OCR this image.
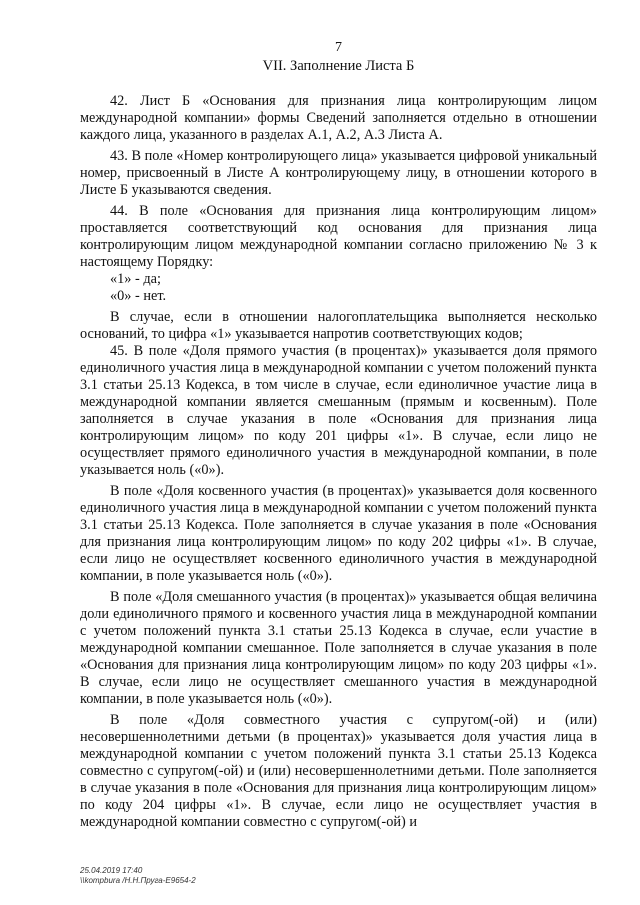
7

VII. Заполнение Листа Б

42. Лист Б «Основания для признания лица контролирующим лицом международной компании» формы Сведений заполняется отдельно в отношении каждого лица, указанного в разделах А.1, А.2, А.3 Листа А.

43. В поле «Номер контролирующего лица» указывается цифровой уникальный номер, присвоенный в Листе А контролирующему лицу, в отношении которого в Листе Б указываются сведения.

44. В поле «Основания для признания лица контролирующим лицом» проставляется соответствующий код основания для признания лица контролирующим лицом международной компании согласно приложению № 3 к настоящему Порядку:

«1» - да;

«0» - нет.

В случае, если в отношении налогоплательщика выполняется несколько оснований, то цифра «1» указывается напротив соответствующих кодов;

45. В поле «Доля прямого участия (в процентах)» указывается доля прямого единоличного участия лица в международной компании с учетом положений пункта 3.1 статьи 25.13 Кодекса, в том числе в случае, если единоличное участие лица в международной компании является смешанным (прямым и косвенным). Поле заполняется в случае указания в поле «Основания для признания лица контролирующим лицом» по коду 201 цифры «1». В случае, если лицо не осуществляет прямого единоличного участия в международной компании, в поле указывается ноль («0»).

В поле «Доля косвенного участия (в процентах)» указывается доля косвенного единоличного участия лица в международной компании с учетом положений пункта 3.1 статьи 25.13 Кодекса. Поле заполняется в случае указания в поле «Основания для признания лица контролирующим лицом» по коду 202 цифры «1». В случае, если лицо не осуществляет косвенного единоличного участия в международной компании, в поле указывается ноль («0»).

В поле «Доля смешанного участия (в процентах)» указывается общая величина доли единоличного прямого и косвенного участия лица в международной компании с учетом положений пункта 3.1 статьи 25.13 Кодекса в случае, если участие в международной компании смешанное. Поле заполняется в случае указания в поле «Основания для признания лица контролирующим лицом» по коду 203 цифры «1». В случае, если лицо не осуществляет смешанного участия в международной компании, в поле указывается ноль («0»).

В поле «Доля совместного участия с супругом(-ой) и (или) несовершеннолетними детьми (в процентах)» указывается доля участия лица в международной компании с учетом положений пункта 3.1 статьи 25.13 Кодекса совместно с супругом(-ой) и (или) несовершеннолетними детьми. Поле заполняется в случае указания в поле «Основания для признания лица контролирующим лицом» по коду 204 цифры «1». В случае, если лицо не осуществляет участия в международной компании совместно с супругом(-ой) и

25.04.2019 17:40
\\kompbura /Н.Н.Пруга-Е9654-2
